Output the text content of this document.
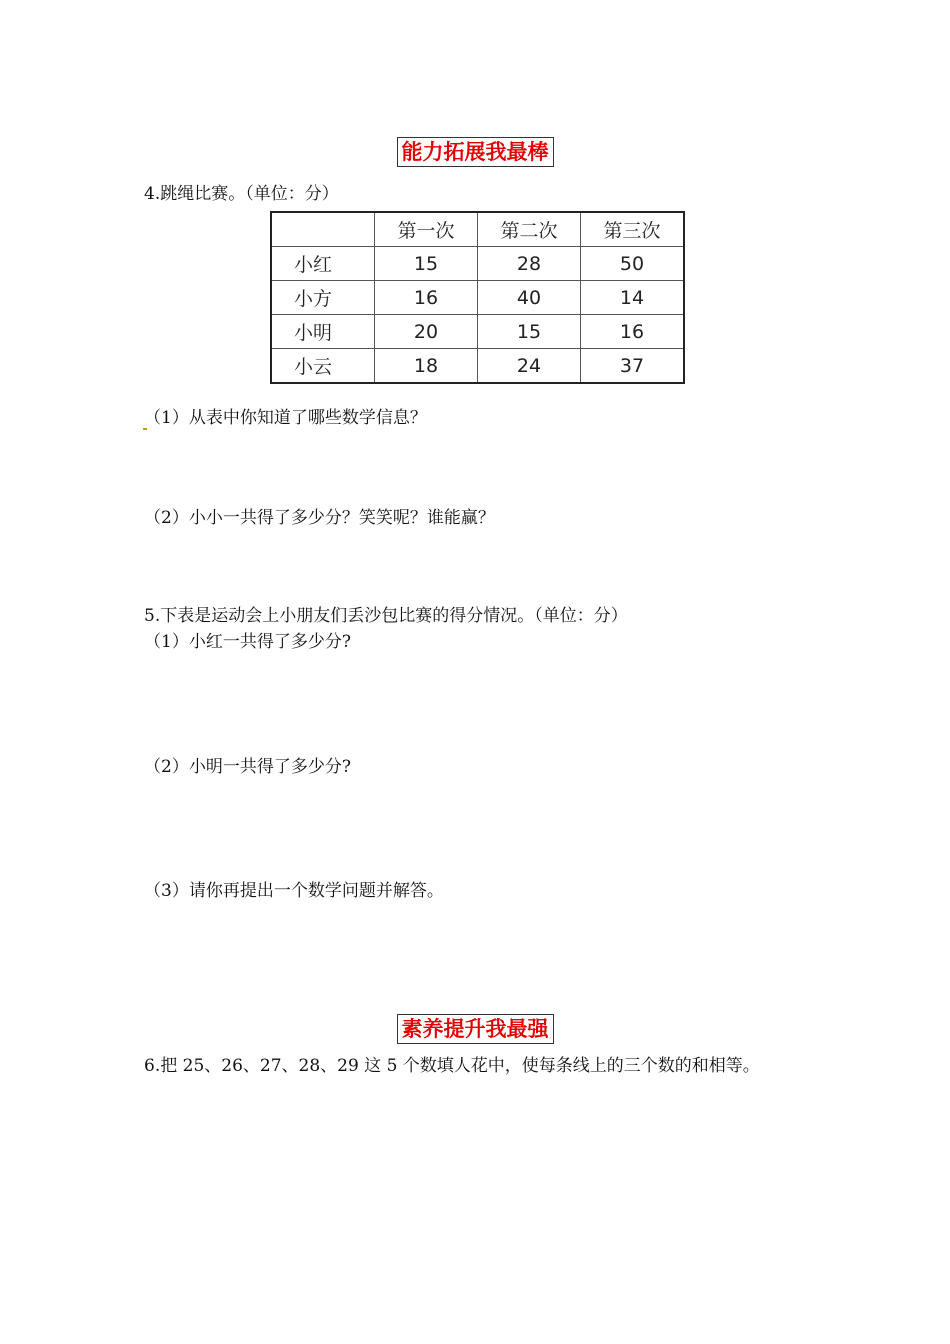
能力拓展我最棒
4.跳绳比赛。（单位：分）
	第一次	第二次	第三次
小红	15	28	50
小方	16	40	14
小明	20	15	16
小云	18	24	37
（1）从表中你知道了哪些数学信息？
（2）小小一共得了多少分？笑笑呢？谁能赢？
5.下表是运动会上小朋友们丢沙包比赛的得分情况。（单位：分）
（1）小红一共得了多少分?
（2）小明一共得了多少分?
（3）请你再提出一个数学问题并解答。
素养提升我最强
6.把 25、26、27、28、29 这 5 个数填人花中，使每条线上的三个数的和相等。
